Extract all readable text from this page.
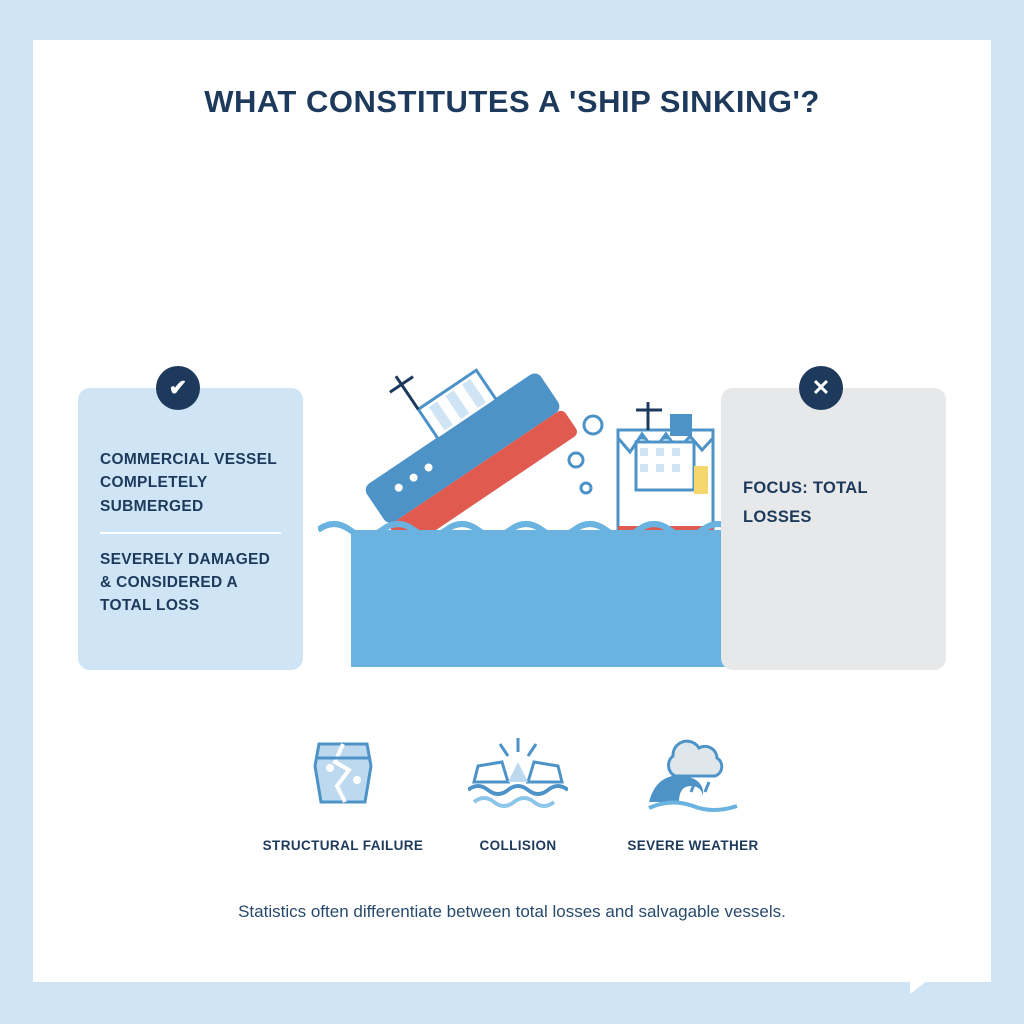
WHAT CONSTITUTES A 'SHIP SINKING'?
✔
COMMERCIAL VESSEL COMPLETELY SUBMERGED
SEVERELY DAMAGED & CONSIDERED A TOTAL LOSS
✕
FOCUS: TOTAL LOSSES
STRUCTURAL FAILURE	COLLISION	SEVERE WEATHER
Statistics often differentiate between total losses and salvagable vessels.
